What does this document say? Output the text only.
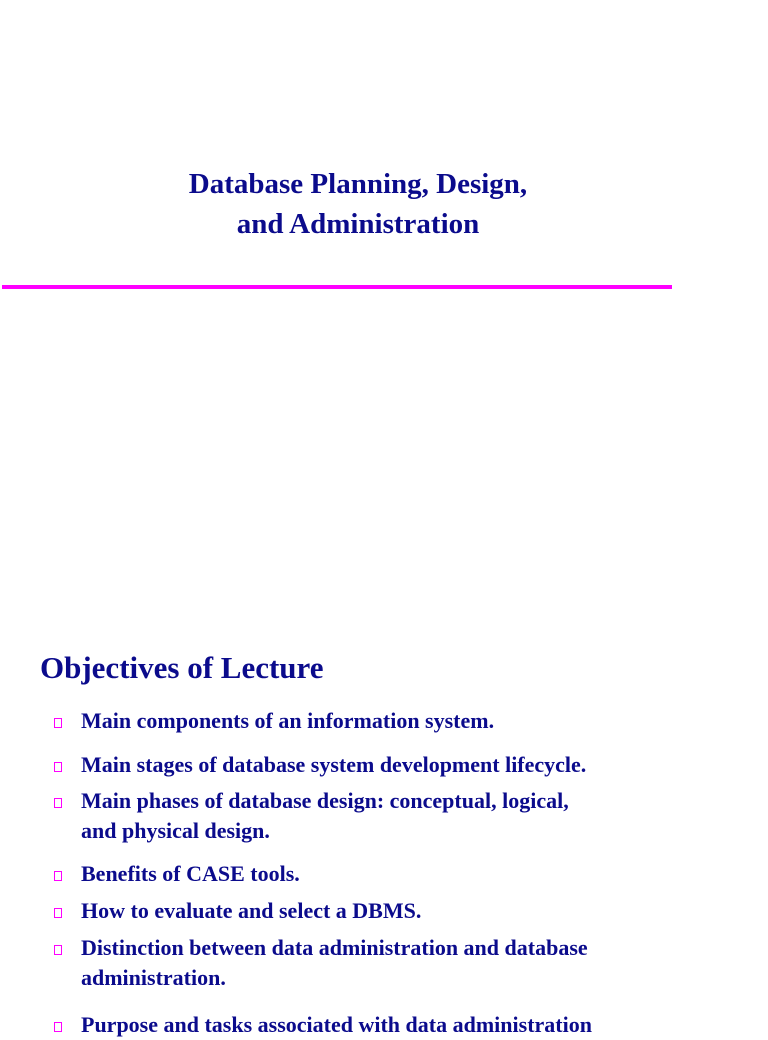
Database Planning, Design,
and Administration
Objectives of Lecture
Main components of an information system.
Main stages of database system development lifecycle.
Main phases of database design: conceptual, logical,
and physical design.
Benefits of CASE tools.
How to evaluate and select a DBMS.
Distinction between data administration and database
administration.
Purpose and tasks associated with data administration
